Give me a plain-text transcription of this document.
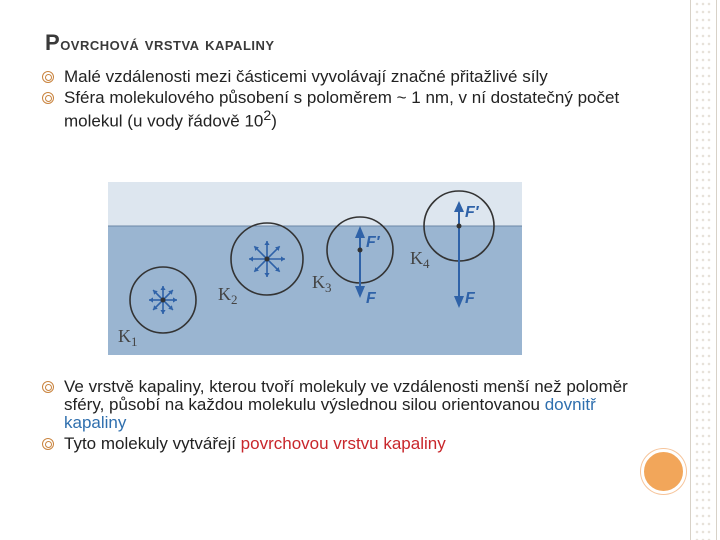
Povrchová vrstva kapaliny
Malé vzdálenosti mezi částicemi vyvolávají značné přitažlivé síly
Sféra molekulového působení s poloměrem ~ 1 nm, v ní dostatečný počet molekul (u vody řádově $10^2$)
$K_1$
$K_2$
$K_3$
$K_4$
F′
F
F′
F
Ve vrstvě kapaliny, kterou tvoří molekuly ve vzdálenosti menší než poloměr sféry, působí na každou molekulu výslednou silou orientovanou dovnitř kapaliny
Tyto molekuly vytvářejí povrchovou vrstvu kapaliny
